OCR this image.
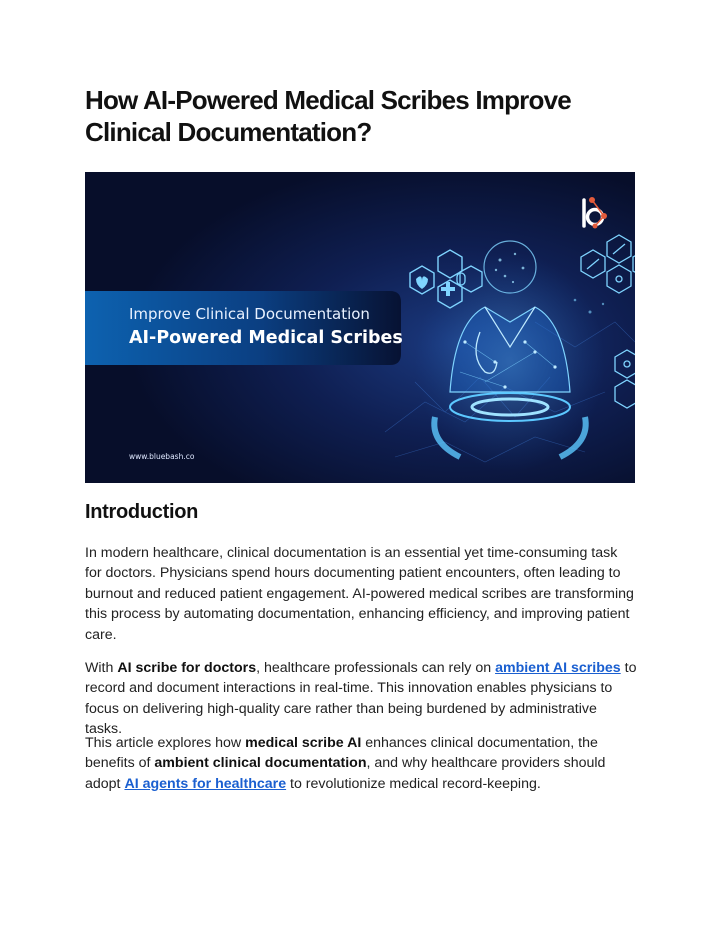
How AI-Powered Medical Scribes Improve Clinical Documentation?
Improve Clinical Documentation
AI-Powered Medical Scribes
www.bluebash.co
Introduction

In modern healthcare, clinical documentation is an essential yet time-consuming task for doctors. Physicians spend hours documenting patient encounters, often leading to burnout and reduced patient engagement. AI-powered medical scribes are transforming this process by automating documentation, enhancing efficiency, and improving patient care.

With AI scribe for doctors, healthcare professionals can rely on ambient AI scribes to record and document interactions in real-time. This innovation enables physicians to focus on delivering high-quality care rather than being burdened by administrative tasks.

This article explores how medical scribe AI enhances clinical documentation, the benefits of ambient clinical documentation, and why healthcare providers should adopt AI agents for healthcare to revolutionize medical record-keeping.
